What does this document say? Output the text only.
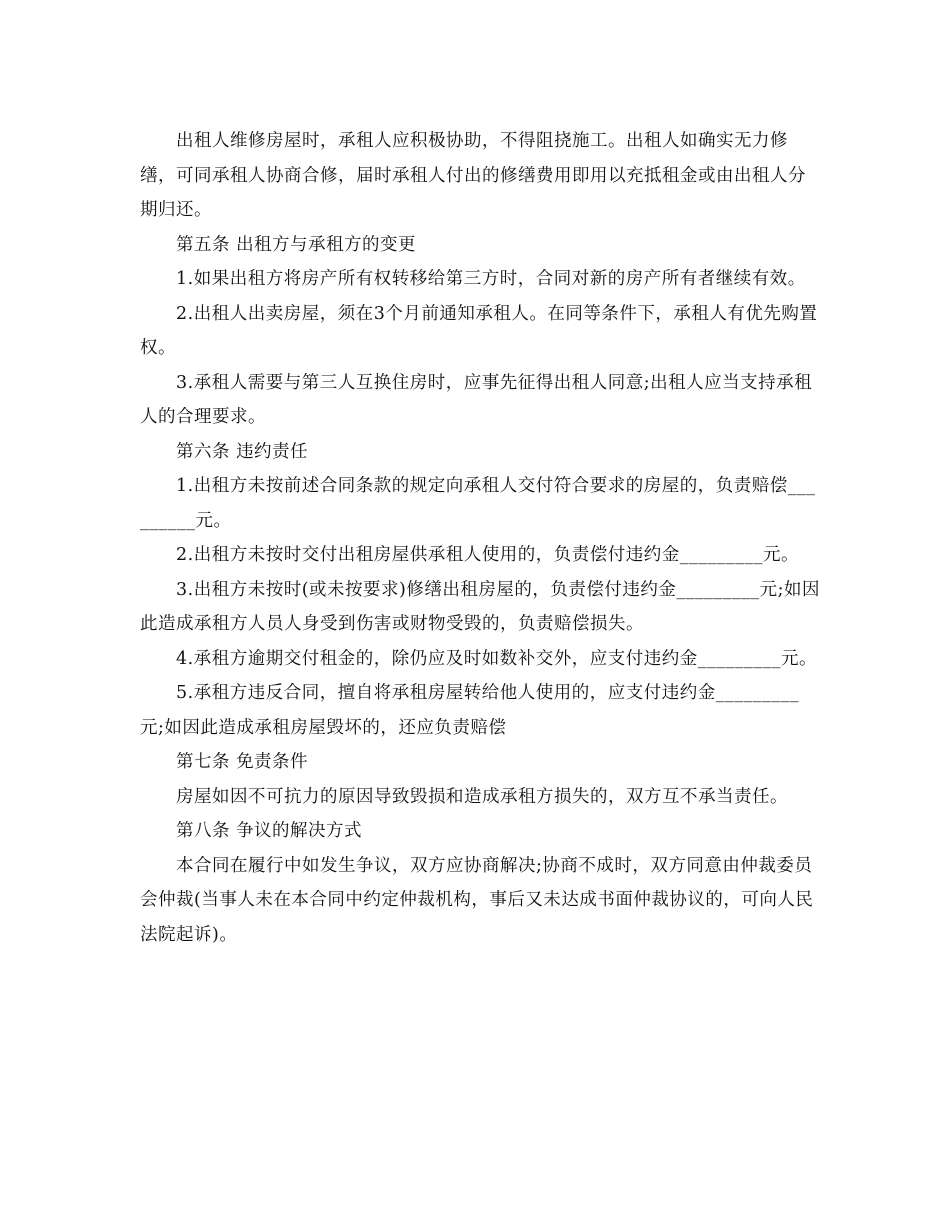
出租人维修房屋时，承租人应积极协助，不得阻挠施工。出租人如确实无力修缮，可同承租人协商合修，届时承租人付出的修缮费用即用以充抵租金或由出租人分期归还。

第五条 出租方与承租方的变更

1.如果出租方将房产所有权转移给第三方时，合同对新的房产所有者继续有效。

2.出租人出卖房屋，须在3个月前通知承租人。在同等条件下，承租人有优先购置权。

3.承租人需要与第三人互换住房时，应事先征得出租人同意;出租人应当支持承租人的合理要求。

第六条 违约责任

1.出租方未按前述合同条款的规定向承租人交付符合要求的房屋的，负责赔偿_________元。

2.出租方未按时交付出租房屋供承租人使用的，负责偿付违约金_________元。

3.出租方未按时(或未按要求)修缮出租房屋的，负责偿付违约金_________元;如因此造成承租方人员人身受到伤害或财物受毁的，负责赔偿损失。

4.承租方逾期交付租金的，除仍应及时如数补交外，应支付违约金_________元。

5.承租方违反合同，擅自将承租房屋转给他人使用的，应支付违约金_________元;如因此造成承租房屋毁坏的，还应负责赔偿

第七条 免责条件

房屋如因不可抗力的原因导致毁损和造成承租方损失的，双方互不承当责任。

第八条 争议的解决方式

本合同在履行中如发生争议，双方应协商解决;协商不成时，双方同意由仲裁委员会仲裁(当事人未在本合同中约定仲裁机构，事后又未达成书面仲裁协议的，可向人民法院起诉)。
